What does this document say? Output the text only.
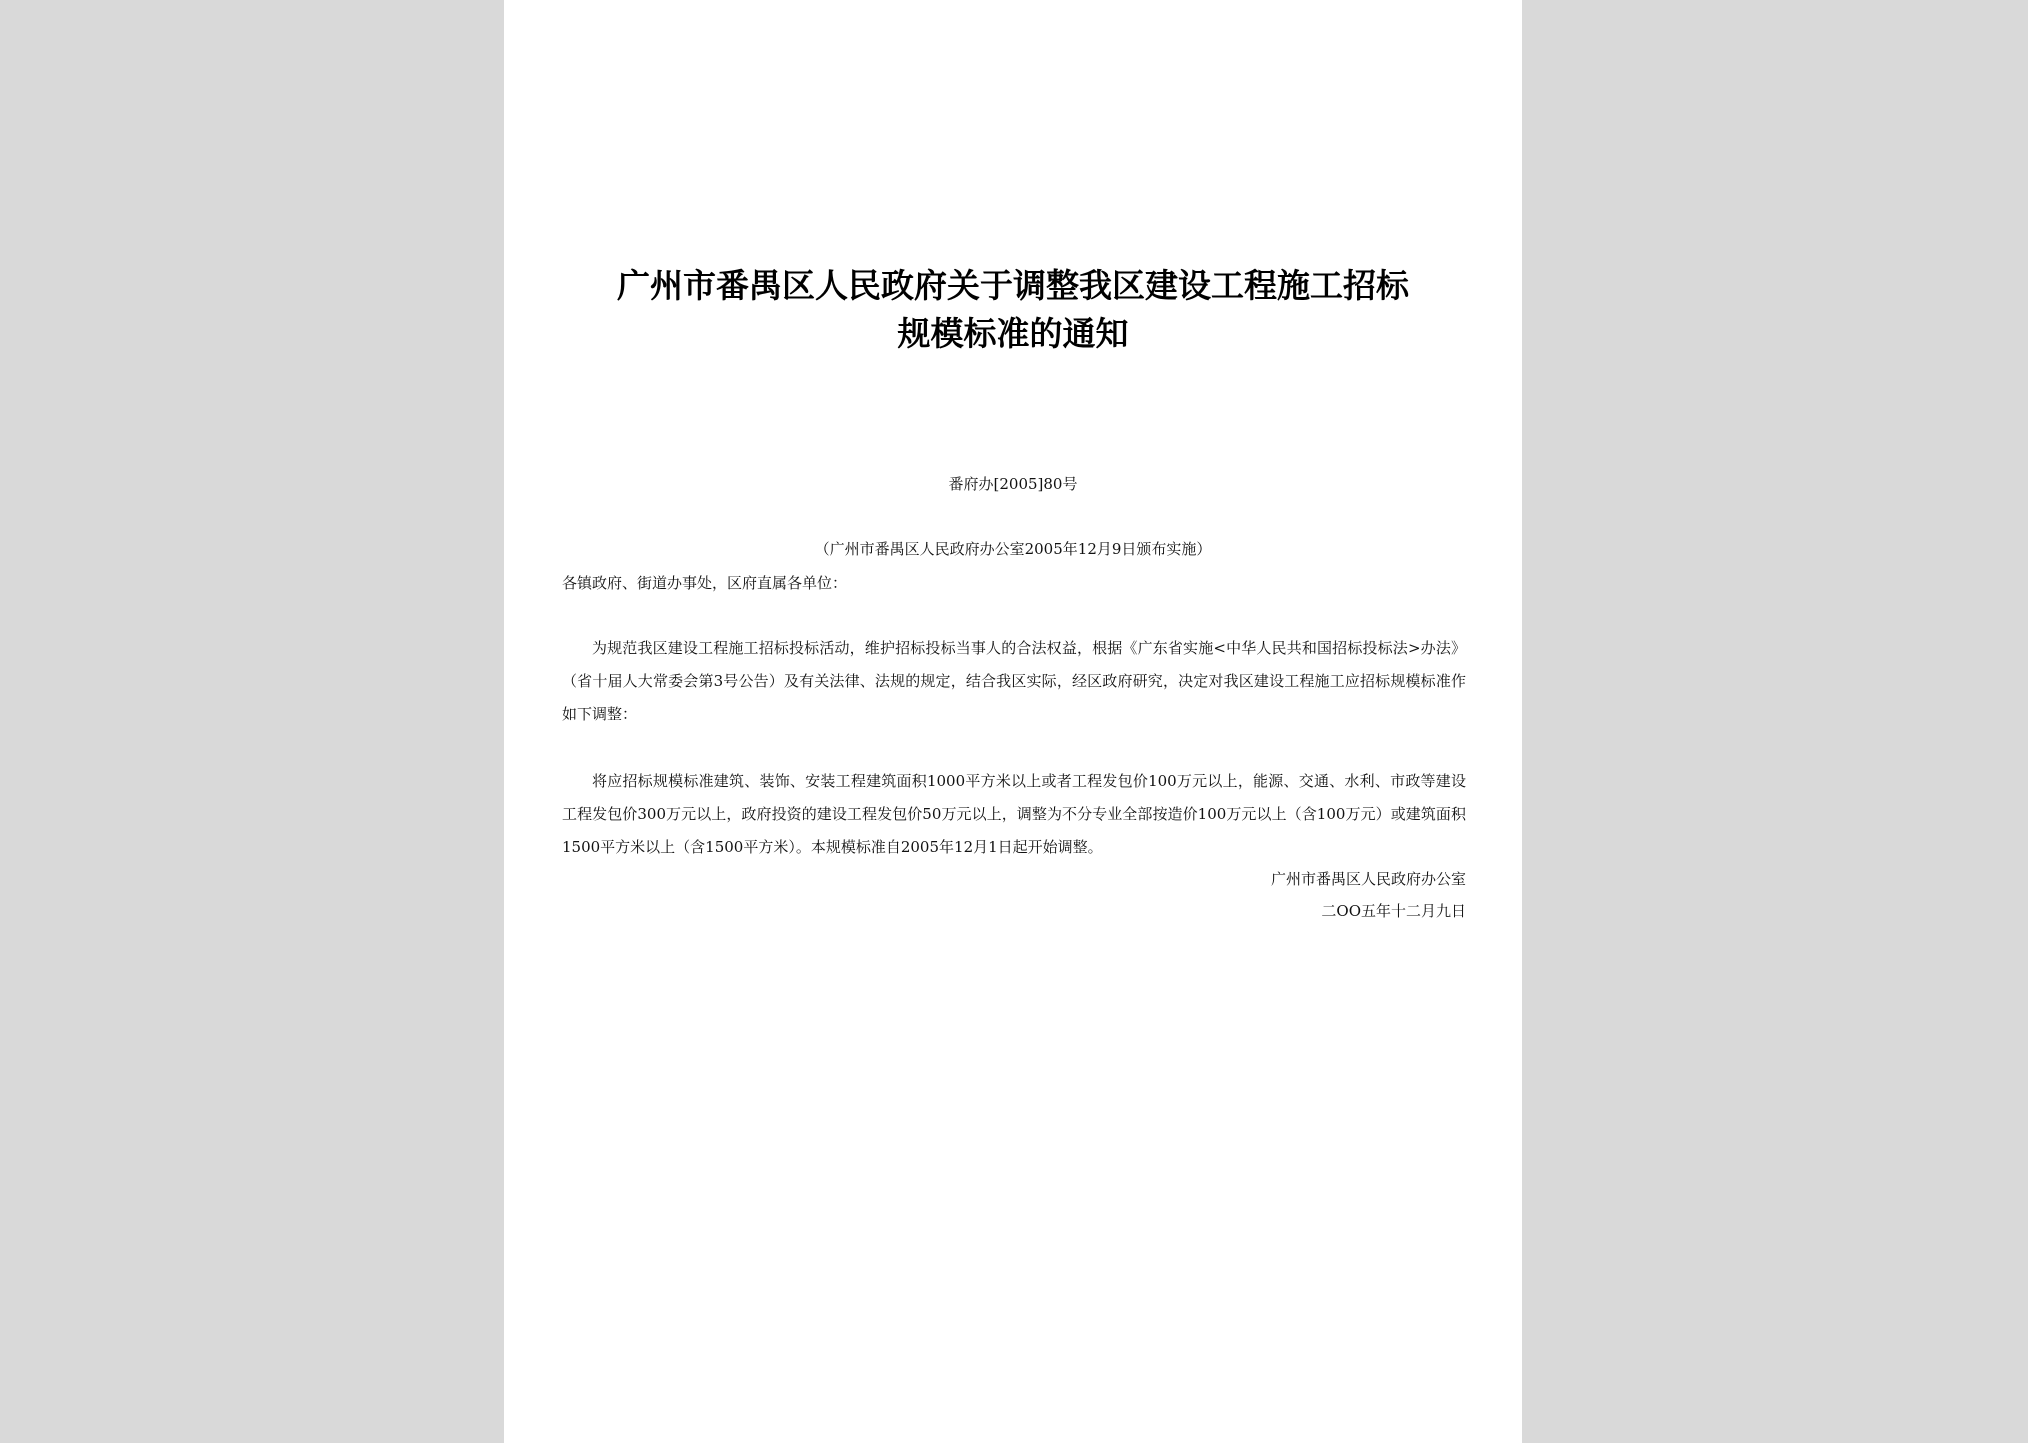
广州市番禺区人民政府关于调整我区建设工程施工招标
规模标准的通知
番府办[2005]80号
（广州市番禺区人民政府办公室2005年12月9日颁布实施）
各镇政府、街道办事处，区府直属各单位：
为规范我区建设工程施工招标投标活动，维护招标投标当事人的合法权益，根据《广东省实施<中华人民共和国招标投标法>办法》（省十届人大常委会第3号公告）及有关法律、法规的规定，结合我区实际，经区政府研究，决定对我区建设工程施工应招标规模标准作如下调整：
将应招标规模标准建筑、装饰、安装工程建筑面积1000平方米以上或者工程发包价100万元以上，能源、交通、水利、市政等建设工程发包价300万元以上，政府投资的建设工程发包价50万元以上，调整为不分专业全部按造价100万元以上（含100万元）或建筑面积1500平方米以上（含1500平方米）。本规模标准自2005年12月1日起开始调整。
广州市番禺区人民政府办公室
二OO五年十二月九日
